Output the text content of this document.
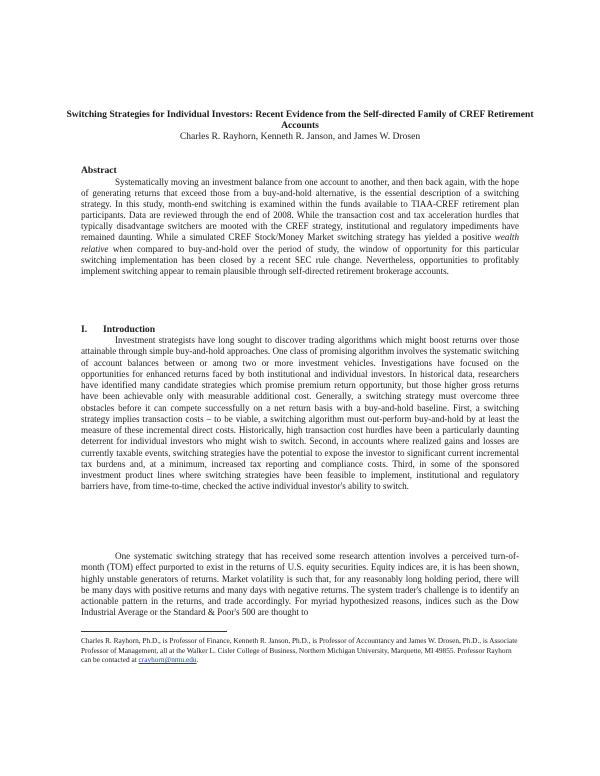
Switching Strategies for Individual Investors: Recent Evidence from the Self-directed Family of CREF Retirement Accounts
Charles R. Rayhorn, Kenneth R. Janson, and James W. Drosen
Abstract

Systematically moving an investment balance from one account to another, and then back again, with the hope of generating returns that exceed those from a buy-and-hold alternative, is the essential description of a switching strategy. In this study, month-end switching is examined within the funds available to TIAA-CREF retirement plan participants. Data are reviewed through the end of 2008. While the transaction cost and tax acceleration hurdles that typically disadvantage switchers are mooted with the CREF strategy, institutional and regulatory impediments have remained daunting. While a simulated CREF Stock/Money Market switching strategy has yielded a positive wealth relative when compared to buy-and-hold over the period of study, the window of opportunity for this particular switching implementation has been closed by a recent SEC rule change. Nevertheless, opportunities to profitably implement switching appear to remain plausible through self-directed retirement brokerage accounts.

I. Introduction

Investment strategists have long sought to discover trading algorithms which might boost returns over those attainable through simple buy-and-hold approaches. One class of promising algorithm involves the systematic switching of account balances between or among two or more investment vehicles. Investigations have focused on the opportunities for enhanced returns faced by both institutional and individual investors. In historical data, researchers have identified many candidate strategies which promise premium return opportunity, but those higher gross returns have been achievable only with measurable additional cost. Generally, a switching strategy must overcome three obstacles before it can compete successfully on a net return basis with a buy-and-hold baseline. First, a switching strategy implies transaction costs – to be viable, a switching algorithm must out-perform buy-and-hold by at least the measure of these incremental direct costs. Historically, high transaction cost hurdles have been a particularly daunting deterrent for individual investors who might wish to switch. Second, in accounts where realized gains and losses are currently taxable events, switching strategies have the potential to expose the investor to significant current incremental tax burdens and, at a minimum, increased tax reporting and compliance costs. Third, in some of the sponsored investment product lines where switching strategies have been feasible to implement, institutional and regulatory barriers have, from time-to-time, checked the active individual investor's ability to switch.

One systematic switching strategy that has received some research attention involves a perceived turn-of-month (TOM) effect purported to exist in the returns of U.S. equity securities. Equity indices are, it is has been shown, highly unstable generators of returns. Market volatility is such that, for any reasonably long holding period, there will be many days with positive returns and many days with negative returns. The system trader's challenge is to identify an actionable pattern in the returns, and trade accordingly. For myriad hypothesized reasons, indices such as the Dow Industrial Average or the Standard & Poor's 500 are thought to

Charles R. Rayhorn, Ph.D., is Professor of Finance, Kenneth R. Janson, Ph.D., is Professor of Accountancy and James W. Drosen, Ph.D., is Associate Professor of Management, all at the Walker L. Cisler College of Business, Northern Michigan University, Marquette, MI 49855. Professor Rayhorn can be contacted at crayhorn@nmu.edu.
